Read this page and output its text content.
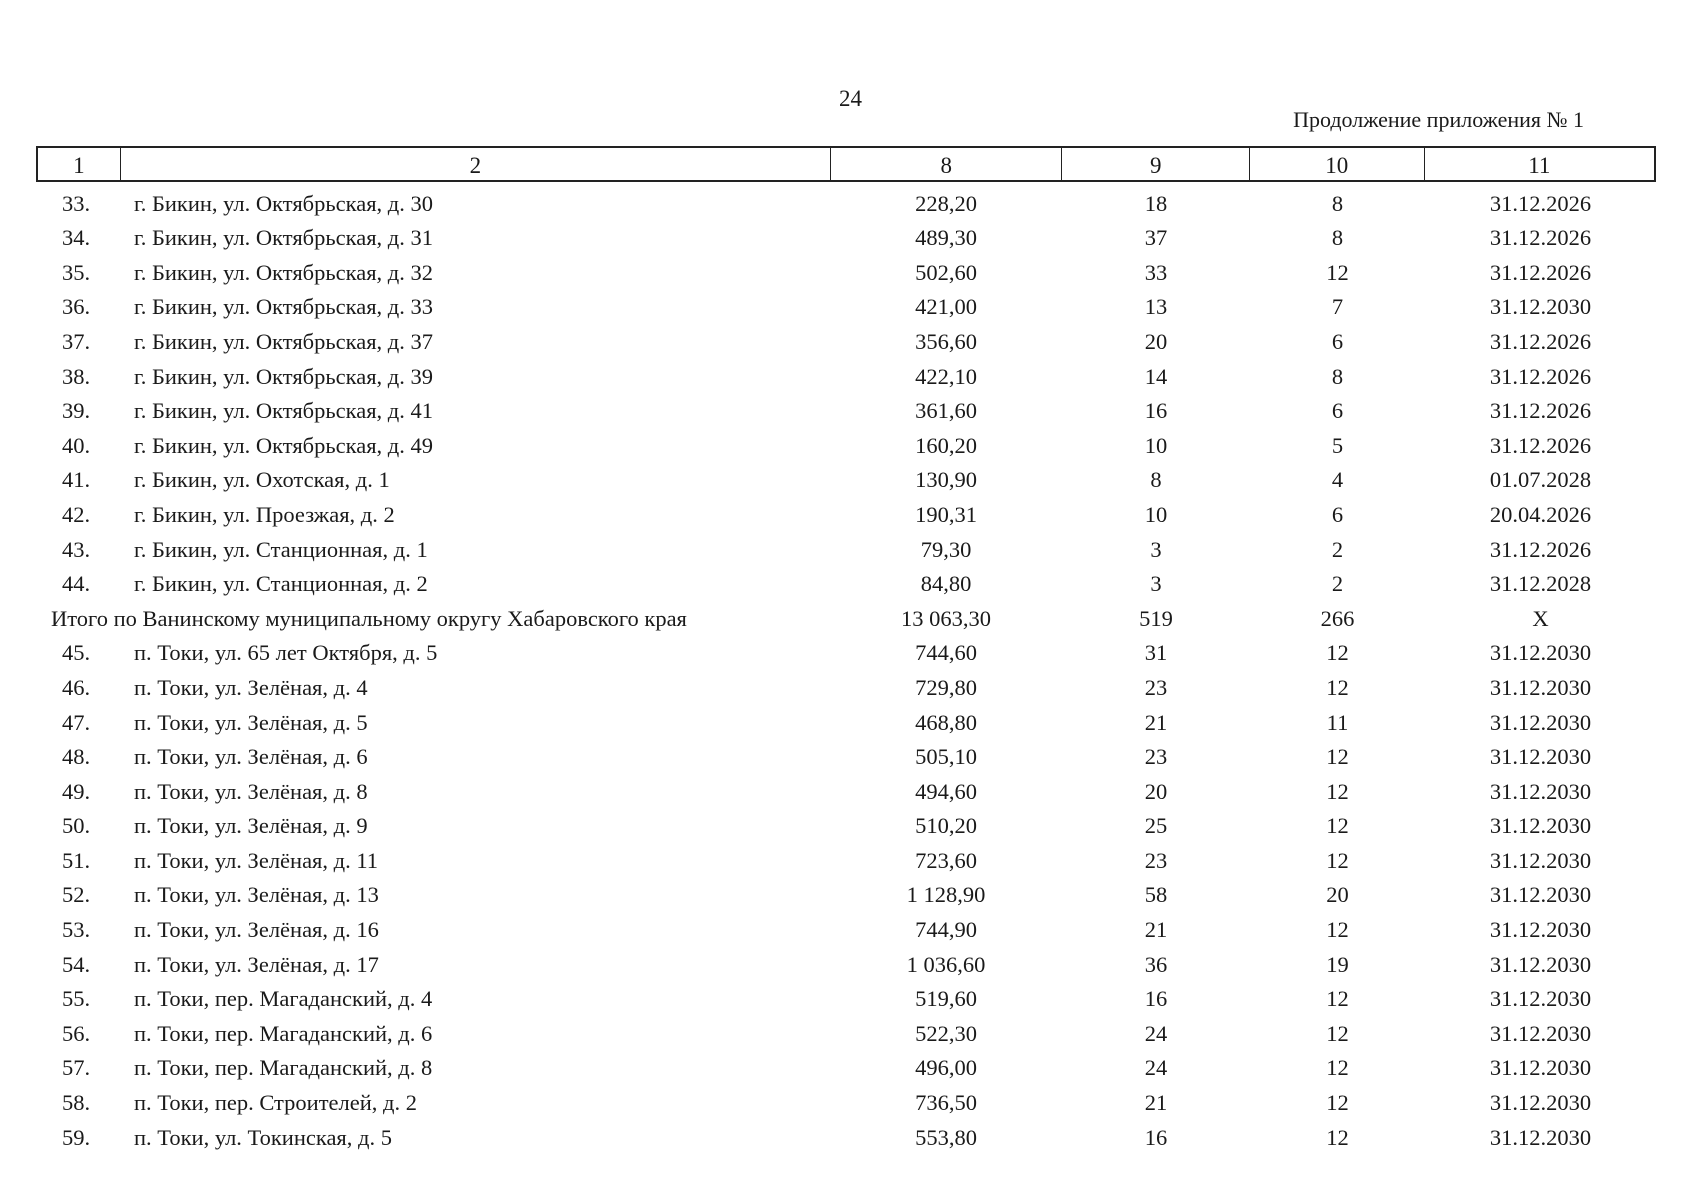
24
Продолжение приложения № 1
1	2	8	9	10	11
33.	г. Бикин, ул. Октябрьская, д. 30	228,20	18	8	31.12.2026
34.	г. Бикин, ул. Октябрьская, д. 31	489,30	37	8	31.12.2026
35.	г. Бикин, ул. Октябрьская, д. 32	502,60	33	12	31.12.2026
36.	г. Бикин, ул. Октябрьская, д. 33	421,00	13	7	31.12.2030
37.	г. Бикин, ул. Октябрьская, д. 37	356,60	20	6	31.12.2026
38.	г. Бикин, ул. Октябрьская, д. 39	422,10	14	8	31.12.2026
39.	г. Бикин, ул. Октябрьская, д. 41	361,60	16	6	31.12.2026
40.	г. Бикин, ул. Октябрьская, д. 49	160,20	10	5	31.12.2026
41.	г. Бикин, ул. Охотская, д. 1	130,90	8	4	01.07.2028
42.	г. Бикин, ул. Проезжая, д. 2	190,31	10	6	20.04.2026
43.	г. Бикин, ул. Станционная, д. 1	79,30	3	2	31.12.2026
44.	г. Бикин, ул. Станционная, д. 2	84,80	3	2	31.12.2028
Итого по Ванинскому муниципальному округу Хабаровского края	13 063,30	519	266	X
45.	п. Токи, ул. 65 лет Октября, д. 5	744,60	31	12	31.12.2030
46.	п. Токи, ул. Зелёная, д. 4	729,80	23	12	31.12.2030
47.	п. Токи, ул. Зелёная, д. 5	468,80	21	11	31.12.2030
48.	п. Токи, ул. Зелёная, д. 6	505,10	23	12	31.12.2030
49.	п. Токи, ул. Зелёная, д. 8	494,60	20	12	31.12.2030
50.	п. Токи, ул. Зелёная, д. 9	510,20	25	12	31.12.2030
51.	п. Токи, ул. Зелёная, д. 11	723,60	23	12	31.12.2030
52.	п. Токи, ул. Зелёная, д. 13	1 128,90	58	20	31.12.2030
53.	п. Токи, ул. Зелёная, д. 16	744,90	21	12	31.12.2030
54.	п. Токи, ул. Зелёная, д. 17	1 036,60	36	19	31.12.2030
55.	п. Токи, пер. Магаданский, д. 4	519,60	16	12	31.12.2030
56.	п. Токи, пер. Магаданский, д. 6	522,30	24	12	31.12.2030
57.	п. Токи, пер. Магаданский, д. 8	496,00	24	12	31.12.2030
58.	п. Токи, пер. Строителей, д. 2	736,50	21	12	31.12.2030
59.	п. Токи, ул. Токинская, д. 5	553,80	16	12	31.12.2030
